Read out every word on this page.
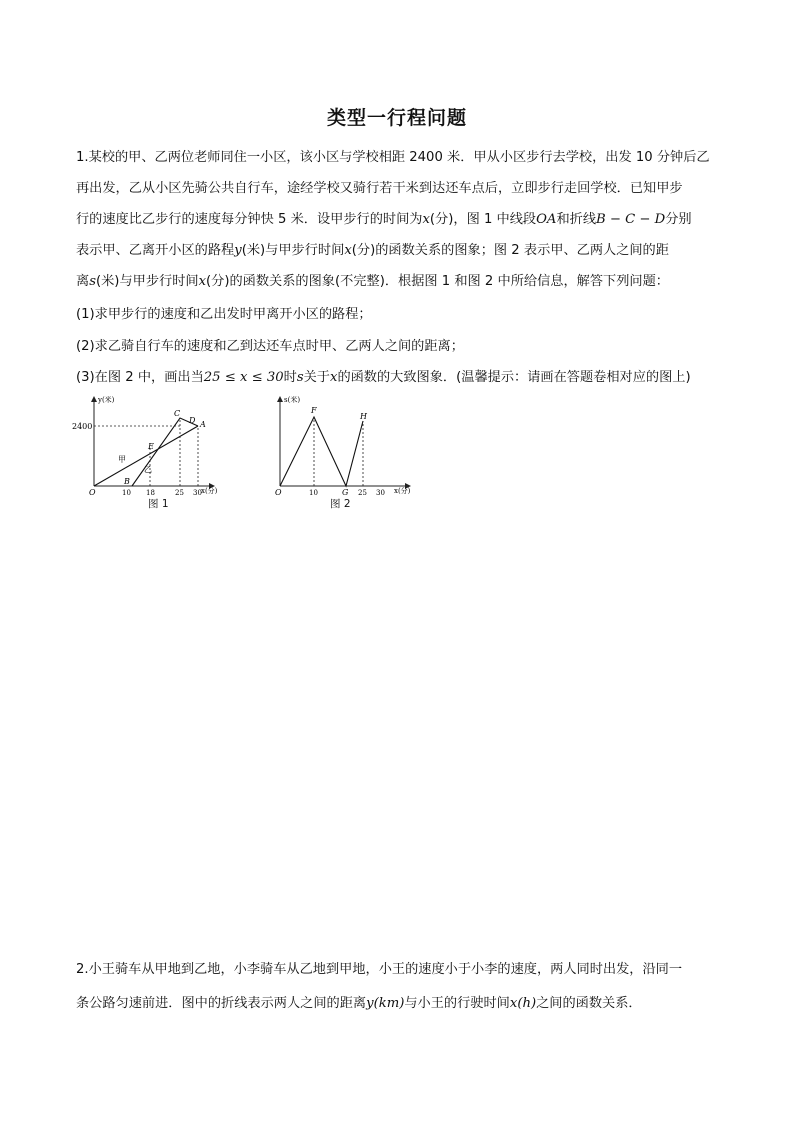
类型一行程问题
1.某校的甲、乙两位老师同住一小区，该小区与学校相距 2400 米．甲从小区步行去学校，出发 10 分钟后乙
再出发，乙从小区先骑公共自行车，途经学校又骑行若干米到达还车点后，立即步行走回学校．已知甲步
行的速度比乙步行的速度每分钟快 5 米．设甲步行的时间为x(分)，图 1 中线段OA和折线B − C − D分别
表示甲、乙离开小区的路程y(米)与甲步行时间x(分)的函数关系的图象；图 2 表示甲、乙两人之间的距
离s(米)与甲步行时间x(分)的函数关系的图象(不完整)．根据图 1 和图 2 中所给信息，解答下列问题：
(1)求甲步行的速度和乙出发时甲离开小区的路程；
(2)求乙骑自行车的速度和乙到达还车点时甲、乙两人之间的距离；
(3)在图 2 中，画出当25 ≤ x ≤ 30时s关于x的函数的大致图象．(温馨提示：请画在答题卷相对应的图上)
y(米)
x(分)
2400
O	10 18	25 30
A
B
C
D
E
甲
乙
图 1
s(米)
x(分)
O	10	25 30
F
G
H
图 2
2.小王骑车从甲地到乙地，小李骑车从乙地到甲地，小王的速度小于小李的速度，两人同时出发，沿同一
条公路匀速前进．图中的折线表示两人之间的距离y(km)与小王的行驶时间x(h)之间的函数关系．
